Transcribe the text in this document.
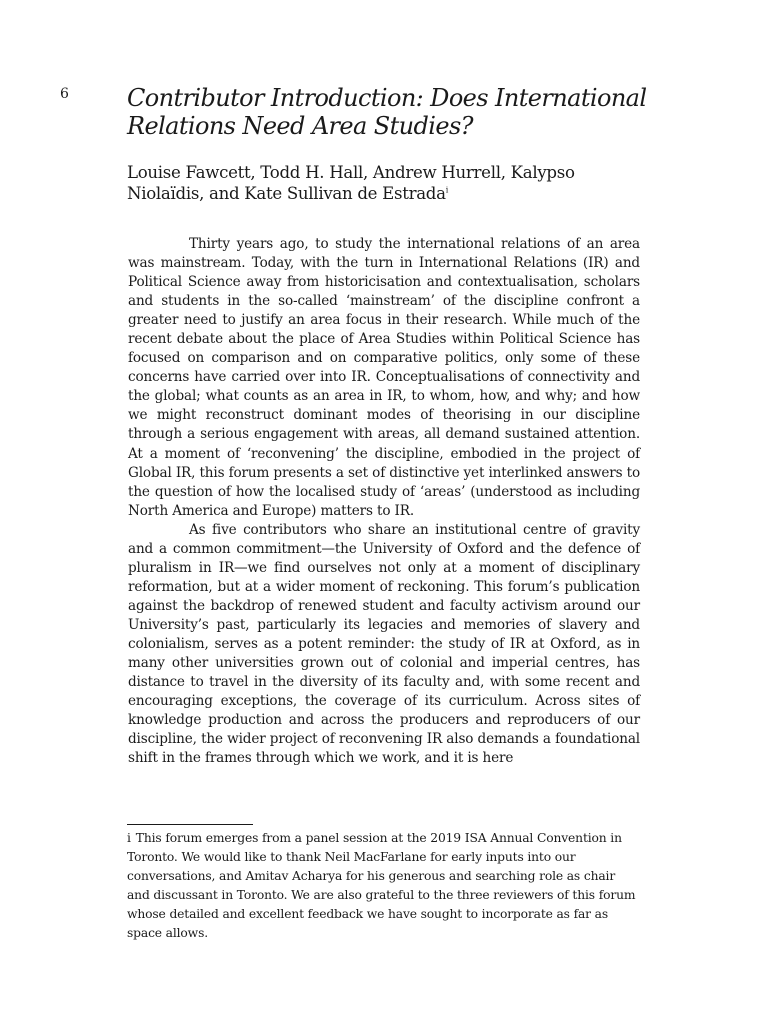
6 Contributor Introduction: Does International Relations Need Area Studies?

Louise Fawcett, Todd H. Hall, Andrew Hurrell, Kalypso Niolaïdis, and Kate Sullivan de Estrada$^i$

Thirty years ago, to study the international relations of an area was mainstream. Today, with the turn in International Relations (IR) and Political Science away from historicisation and contextualisation, scholars and students in the so-called ‘mainstream’ of the discipline confront a greater need to justify an area focus in their research. While much of the recent debate about the place of Area Studies within Political Science has focused on comparison and on comparative politics, only some of these concerns have carried over into IR. Conceptualisations of connectivity and the global; what counts as an area in IR, to whom, how, and why; and how we might reconstruct dominant modes of theorising in our discipline through a serious engagement with areas, all demand sustained attention. At a moment of ‘reconvening’ the discipline, embodied in the project of Global IR, this forum presents a set of distinctive yet interlinked answers to the question of how the localised study of ‘areas’ (understood as including North America and Europe) matters to IR.

As five contributors who share an institutional centre of gravity and a common commitment—the University of Oxford and the defence of pluralism in IR—we find ourselves not only at a moment of disciplinary reformation, but at a wider moment of reckoning. This forum’s publication against the backdrop of renewed student and faculty activism around our University’s past, particularly its legacies and memories of slavery and colonialism, serves as a potent reminder: the study of IR at Oxford, as in many other universities grown out of colonial and imperial centres, has distance to travel in the diversity of its faculty and, with some recent and encouraging exceptions, the coverage of its curriculum. Across sites of knowledge production and across the producers and reproducers of our discipline, the wider project of reconvening IR also demands a foundational shift in the frames through which we work, and it is here

i This forum emerges from a panel session at the 2019 ISA Annual Convention in Toronto. We would like to thank Neil MacFarlane for early inputs into our conversations, and Amitav Acharya for his generous and searching role as chair and discussant in Toronto. We are also grateful to the three reviewers of this forum whose detailed and excellent feedback we have sought to incorporate as far as space allows.
